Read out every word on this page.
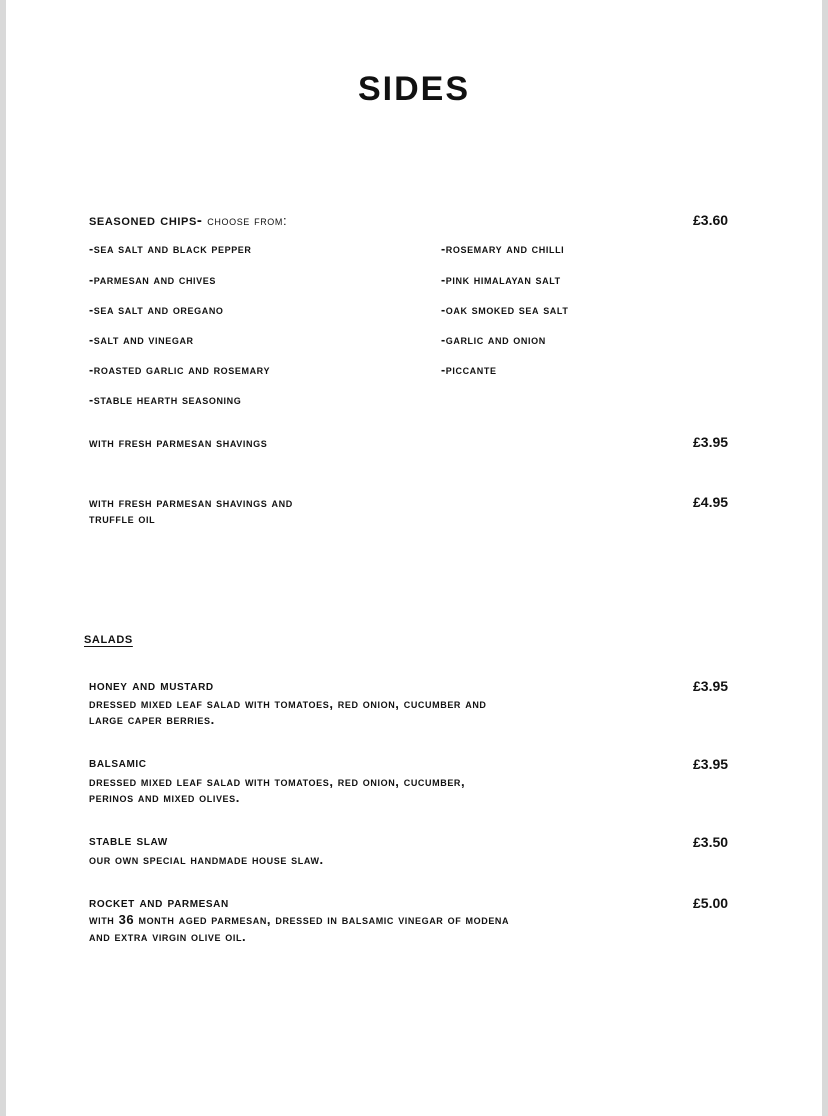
SIDES
seasoned chips- choose from:	£3.60
-sea salt and black pepper
-parmesan and chives
-sea salt and oregano
-salt and vinegar
-roasted garlic and rosemary
-stable hearth seasoning
-rosemary and chilli
-pink himalayan salt
-oak smoked sea salt
-garlic and onion
-piccante
with fresh parmesan shavings	£3.95
with fresh parmesan shavings and
truffle oil
£4.95
salads
honey and mustard
dressed mixed leaf salad with tomatoes, red onion, cucumber and
large caper berries.
£3.95
balsamic
dressed mixed leaf salad with tomatoes, red onion, cucumber,
perinos and mixed olives.
£3.95
stable slaw
our own special handmade house slaw.
£3.50
rocket and parmesan
with 36 month aged parmesan, dressed in balsamic vinegar of modena
and extra virgin olive oil.
£5.00
